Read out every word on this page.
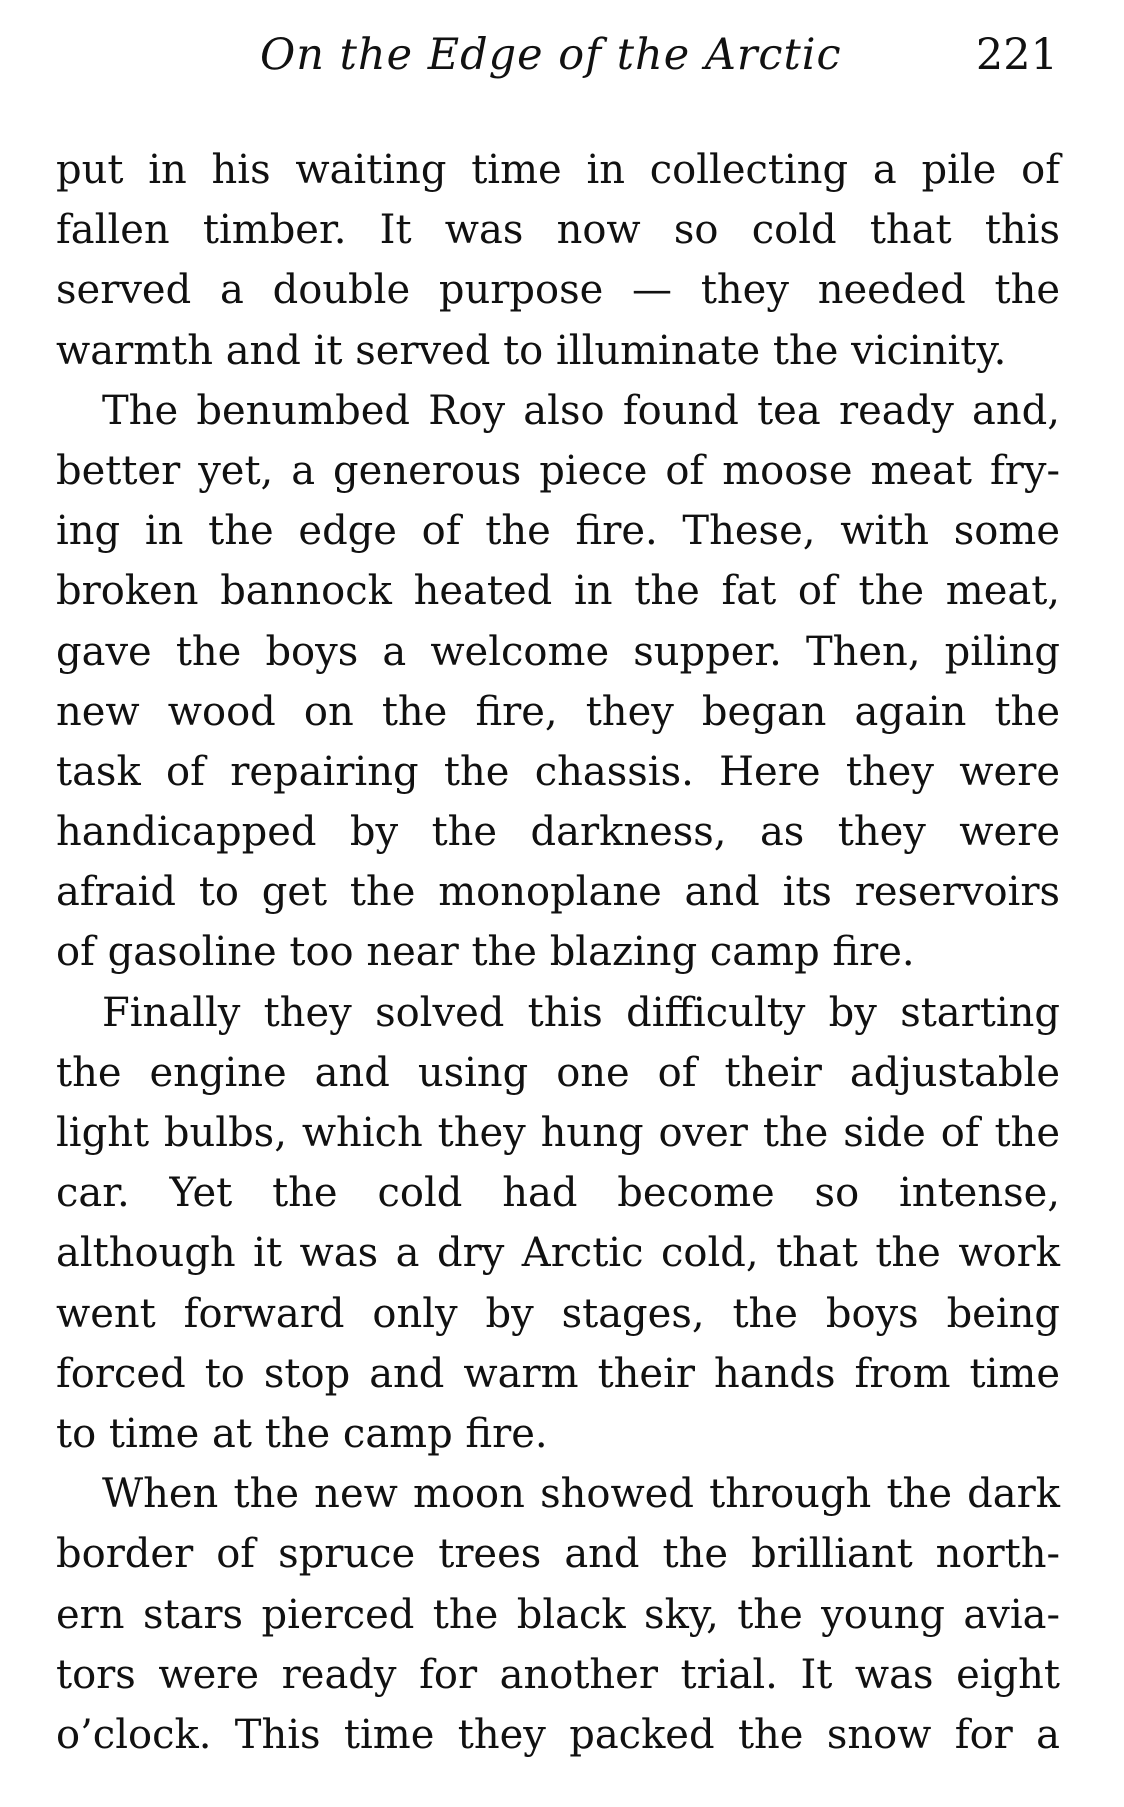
On the Edge of the Arctic	221
put in his waiting time in collecting a pile of
fallen timber. It was now so cold that this
served a double purpose — they needed the
warmth and it served to illuminate the vicinity.
The benumbed Roy also found tea ready and,
better yet, a generous piece of moose meat fry-
ing in the edge of the fire. These, with some
broken bannock heated in the fat of the meat,
gave the boys a welcome supper. Then, piling
new wood on the fire, they began again the
task of repairing the chassis. Here they were
handicapped by the darkness, as they were
afraid to get the monoplane and its reservoirs
of gasoline too near the blazing camp fire.
Finally they solved this difficulty by starting
the engine and using one of their adjustable
light bulbs, which they hung over the side of the
car. Yet the cold had become so intense,
although it was a dry Arctic cold, that the work
went forward only by stages, the boys being
forced to stop and warm their hands from time
to time at the camp fire.
When the new moon showed through the dark
border of spruce trees and the brilliant north-
ern stars pierced the black sky, the young avia-
tors were ready for another trial. It was eight
o’clock. This time they packed the snow for a
